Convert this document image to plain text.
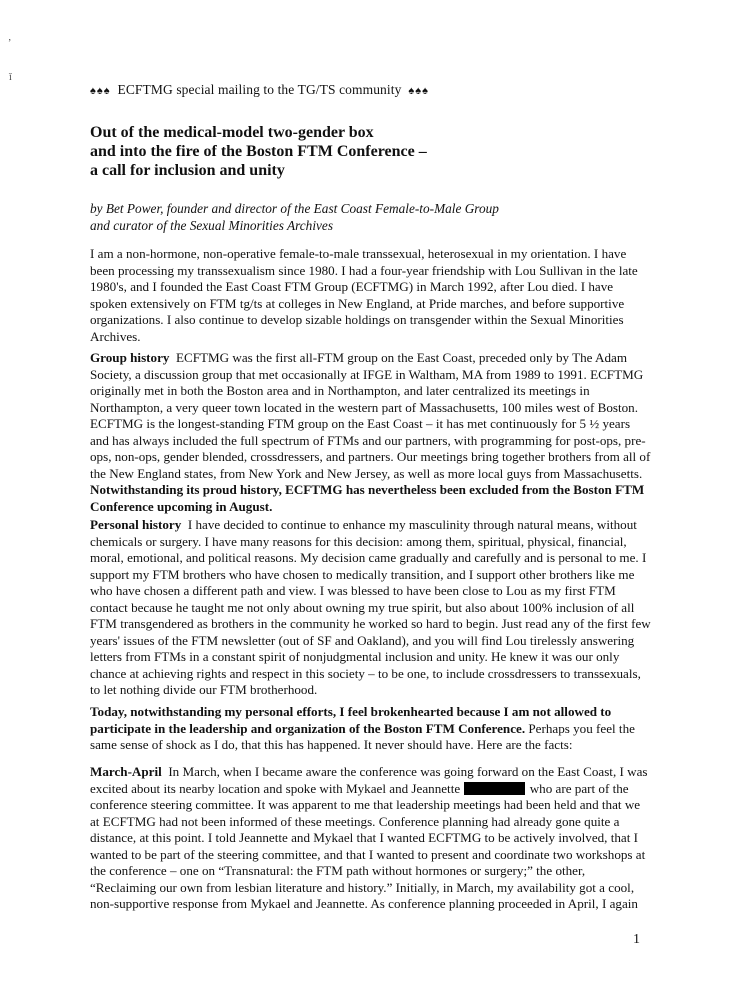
’
ǐ
♠♠♠ ECFTMG special mailing to the TG/TS community ♠♠♠
Out of the medical-model two-gender box
and into the fire of the Boston FTM Conference –
a call for inclusion and unity
by Bet Power, founder and director of the East Coast Female-to-Male Group
and curator of the Sexual Minorities Archives
I am a non-hormone, non-operative female-to-male transsexual, heterosexual in my orientation. I have been processing my transsexualism since 1980. I had a four-year friendship with Lou Sullivan in the late 1980's, and I founded the East Coast FTM Group (ECFTMG) in March 1992, after Lou died. I have spoken extensively on FTM tg/ts at colleges in New England, at Pride marches, and before supportive organizations. I also continue to develop sizable holdings on transgender within the Sexual Minorities Archives.
Group history ECFTMG was the first all-FTM group on the East Coast, preceded only by The Adam Society, a discussion group that met occasionally at IFGE in Waltham, MA from 1989 to 1991. ECFTMG originally met in both the Boston area and in Northampton, and later centralized its meetings in Northampton, a very queer town located in the western part of Massachusetts, 100 miles west of Boston. ECFTMG is the longest-standing FTM group on the East Coast – it has met continuously for 5 ½ years and has always included the full spectrum of FTMs and our partners, with programming for post-ops, pre-ops, non-ops, gender blended, crossdressers, and partners. Our meetings bring together brothers from all of the New England states, from New York and New Jersey, as well as more local guys from Massachusetts. Notwithstanding its proud history, ECFTMG has nevertheless been excluded from the Boston FTM Conference upcoming in August.
Personal history I have decided to continue to enhance my masculinity through natural means, without chemicals or surgery. I have many reasons for this decision: among them, spiritual, physical, financial, moral, emotional, and political reasons. My decision came gradually and carefully and is personal to me. I support my FTM brothers who have chosen to medically transition, and I support other brothers like me who have chosen a different path and view. I was blessed to have been close to Lou as my first FTM contact because he taught me not only about owning my true spirit, but also about 100% inclusion of all FTM transgendered as brothers in the community he worked so hard to begin. Just read any of the first few years' issues of the FTM newsletter (out of SF and Oakland), and you will find Lou tirelessly answering letters from FTMs in a constant spirit of nonjudgmental inclusion and unity. He knew it was our only chance at achieving rights and respect in this society – to be one, to include crossdressers to transsexuals, to let nothing divide our FTM brotherhood.
Today, notwithstanding my personal efforts, I feel brokenhearted because I am not allowed to participate in the leadership and organization of the Boston FTM Conference. Perhaps you feel the same sense of shock as I do, that this has happened. It never should have. Here are the facts:
March-April In March, when I became aware the conference was going forward on the East Coast, I was excited about its nearby location and spoke with Mykael and Jeannette	who are part of the conference steering committee. It was apparent to me that leadership meetings had been held and that we at ECFTMG had not been informed of these meetings. Conference planning had already gone quite a distance, at this point. I told Jeannette and Mykael that I wanted ECFTMG to be actively involved, that I wanted to be part of the steering committee, and that I wanted to present and coordinate two workshops at the conference – one on “Transnatural: the FTM path without hormones or surgery;” the other, “Reclaiming our own from lesbian literature and history.” Initially, in March, my availability got a cool, non-supportive response from Mykael and Jeannette. As conference planning proceeded in April, I again
1
